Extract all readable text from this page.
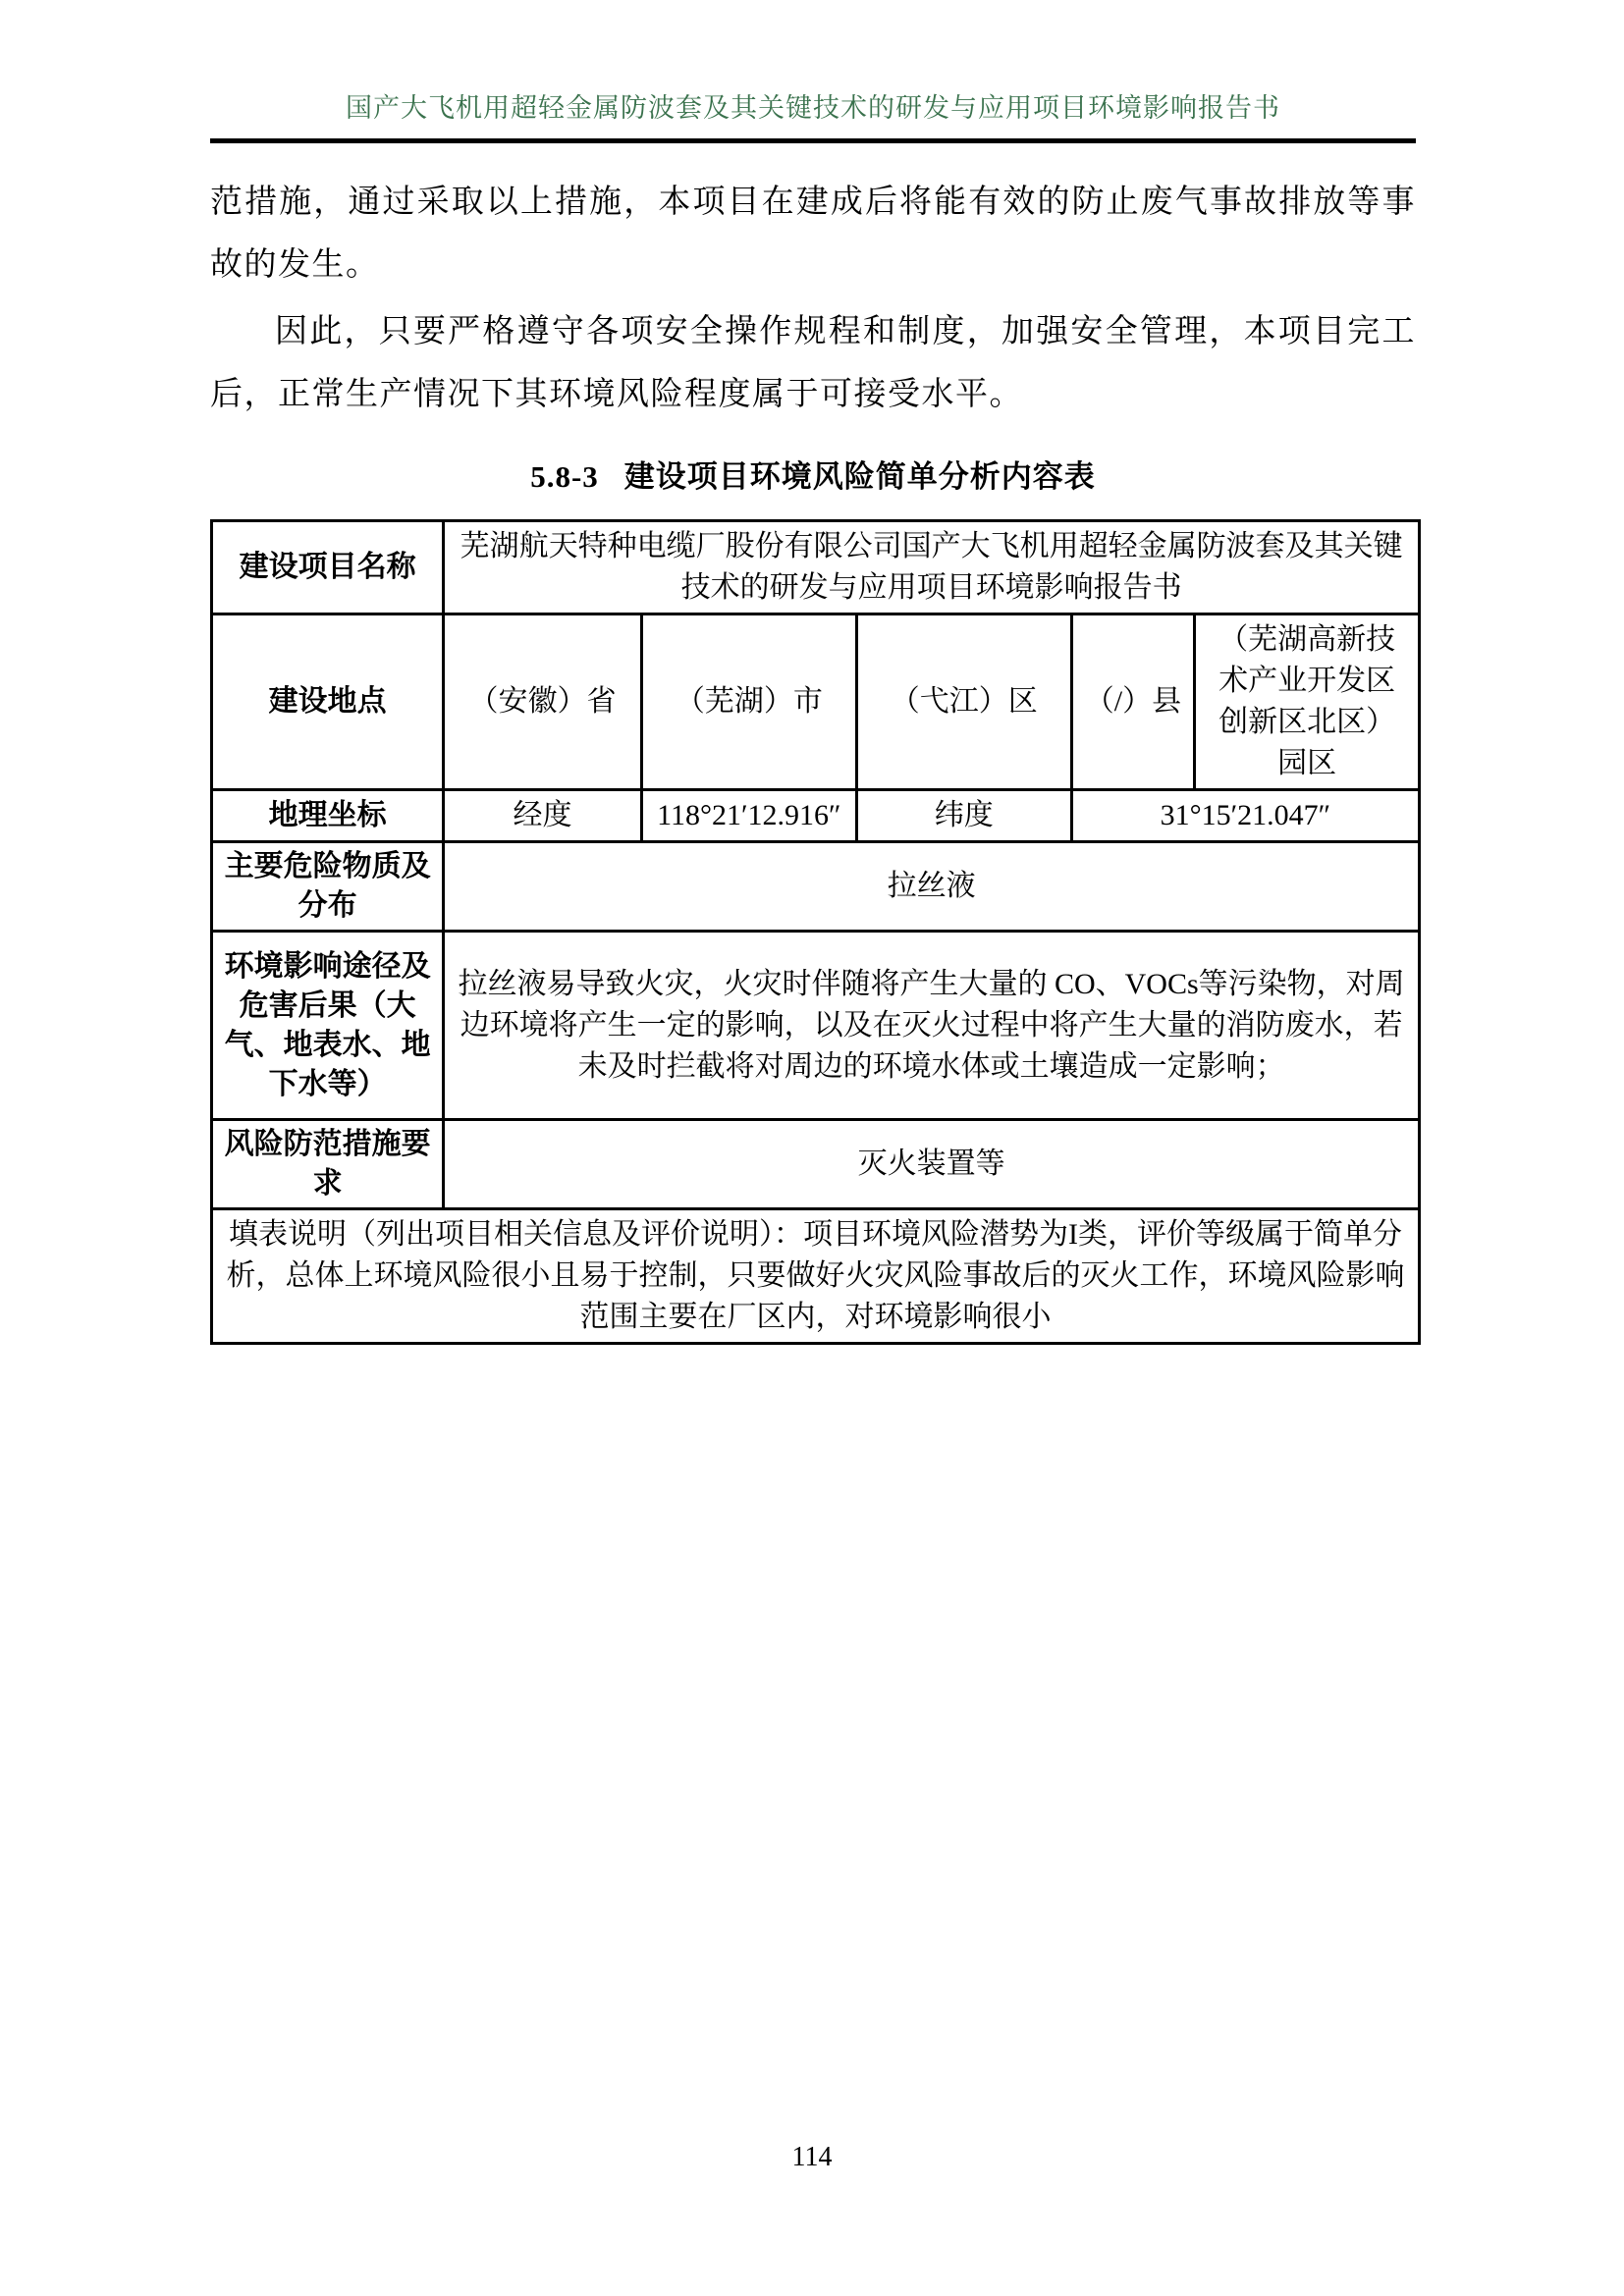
国产大飞机用超轻金属防波套及其关键技术的研发与应用项目环境影响报告书

范措施，通过采取以上措施，本项目在建成后将能有效的防止废气事故排放等事故的发生。

因此，只要严格遵守各项安全操作规程和制度，加强安全管理，本项目完工后，正常生产情况下其环境风险程度属于可接受水平。

5.8-3 建设项目环境风险简单分析内容表
建设项目名称	芜湖航天特种电缆厂股份有限公司国产大飞机用超轻金属防波套及其关键技术的研发与应用项目环境影响报告书				
建设地点	（安徽）省	（芜湖）市	（弋江）区	（/）县	（芜湖高新技术产业开发区创新区北区）园区
地理坐标	经度	118°21′12.916″	纬度	31°15′21.047″	
主要危险物质及分布	拉丝液				
环境影响途径及危害后果（大气、地表水、地下水等）	拉丝液易导致火灾，火灾时伴随将产生大量的 CO、VOCs等污染物，对周边环境将产生一定的影响，以及在灭火过程中将产生大量的消防废水，若未及时拦截将对周边的环境水体或土壤造成一定影响；				
风险防范措施要求	灭火装置等				
填表说明（列出项目相关信息及评价说明）：项目环境风险潜势为I类，评价等级属于简单分析，总体上环境风险很小且易于控制，只要做好火灾风险事故后的灭火工作，环境风险影响范围主要在厂区内，对环境影响很小					
114
